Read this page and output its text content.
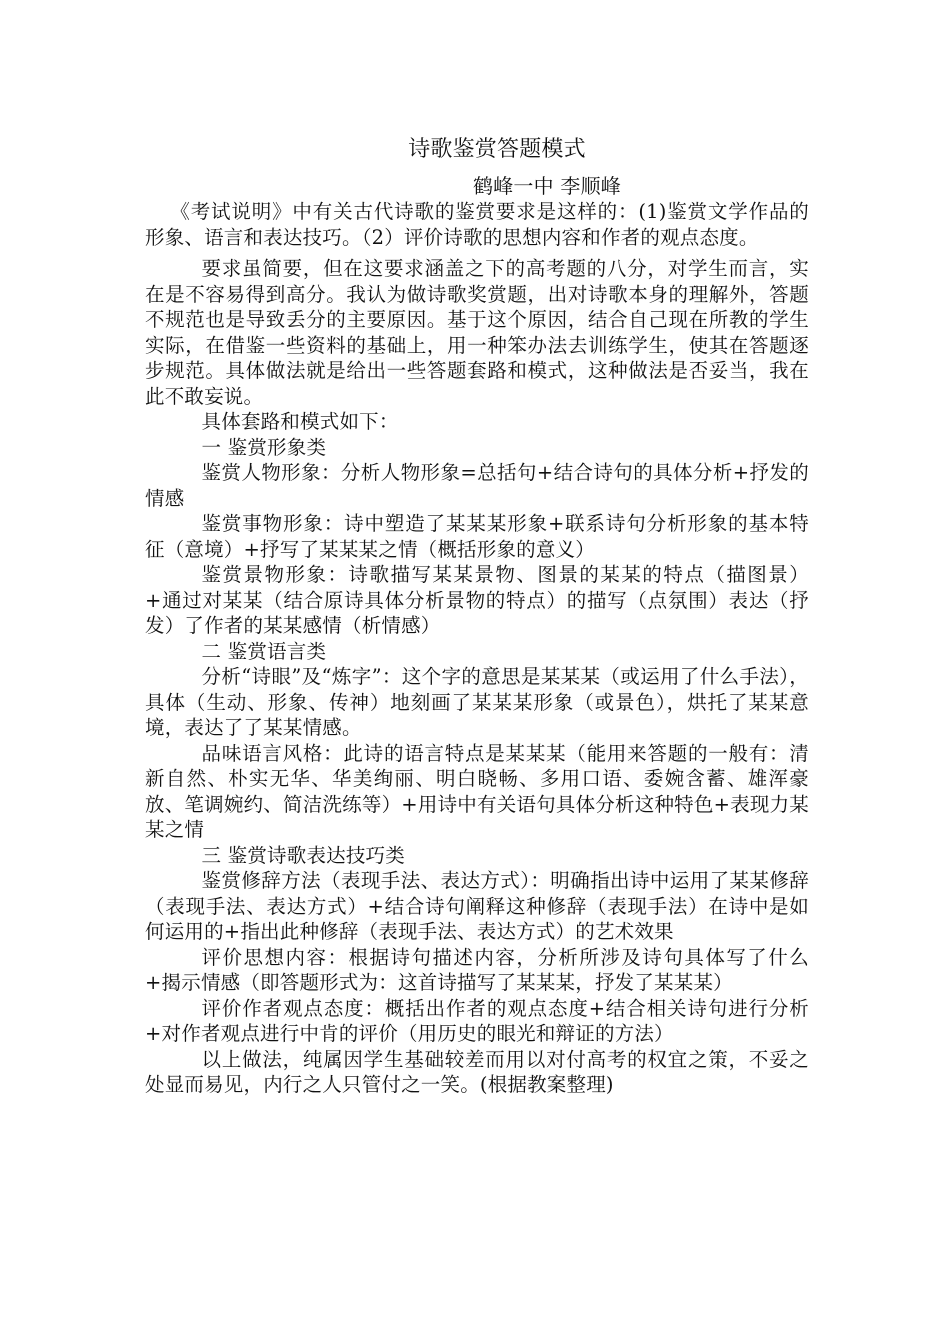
诗歌鉴赏答题模式
鹤峰一中 李顺峰

《考试说明》中有关古代诗歌的鉴赏要求是这样的：(1)鉴赏文学作品的形象、语言和表达技巧。（2）评价诗歌的思想内容和作者的观点态度。

要求虽简要，但在这要求涵盖之下的高考题的八分，对学生而言，实在是不容易得到高分。我认为做诗歌奖赏题，出对诗歌本身的理解外，答题不规范也是导致丢分的主要原因。基于这个原因，结合自己现在所教的学生实际，在借鉴一些资料的基础上，用一种笨办法去训练学生，使其在答题逐步规范。具体做法就是给出一些答题套路和模式，这种做法是否妥当，我在此不敢妄说。

具体套路和模式如下：

一 鉴赏形象类

鉴赏人物形象：分析人物形象=总括句+结合诗句的具体分析+抒发的情感

鉴赏事物形象：诗中塑造了某某某形象+联系诗句分析形象的基本特征（意境）+抒写了某某某之情（概括形象的意义）

鉴赏景物形象：诗歌描写某某景物、图景的某某的特点（描图景）+通过对某某（结合原诗具体分析景物的特点）的描写（点氛围）表达（抒发）了作者的某某感情（析情感）

二 鉴赏语言类

分析“诗眼”及“炼字”：这个字的意思是某某某（或运用了什么手法），具体（生动、形象、传神）地刻画了某某某形象（或景色），烘托了某某意境，表达了了某某情感。

品味语言风格：此诗的语言特点是某某某（能用来答题的一般有：清新自然、朴实无华、华美绚丽、明白晓畅、多用口语、委婉含蓄、雄浑豪放、笔调婉约、简洁洗练等）+用诗中有关语句具体分析这种特色+表现力某某之情

三 鉴赏诗歌表达技巧类

鉴赏修辞方法（表现手法、表达方式）：明确指出诗中运用了某某修辞（表现手法、表达方式）+结合诗句阐释这种修辞（表现手法）在诗中是如何运用的+指出此种修辞（表现手法、表达方式）的艺术效果

评价思想内容：根据诗句描述内容，分析所涉及诗句具体写了什么+揭示情感（即答题形式为：这首诗描写了某某某，抒发了某某某）

评价作者观点态度：概括出作者的观点态度+结合相关诗句进行分析+对作者观点进行中肯的评价（用历史的眼光和辩证的方法）

以上做法，纯属因学生基础较差而用以对付高考的权宜之策，不妥之处显而易见，内行之人只管付之一笑。(根据教案整理)
